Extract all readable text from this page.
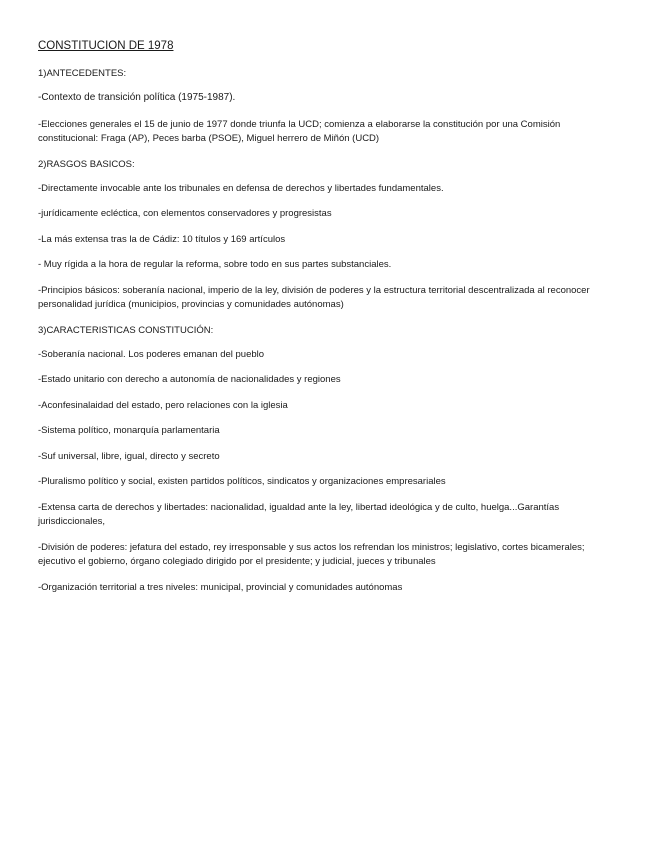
CONSTITUCION DE 1978

1)ANTECEDENTES:

-Contexto de transición política (1975-1987).

-Elecciones generales el 15 de junio de 1977 donde triunfa la UCD; comienza a elaborarse la constitución por una Comisión constitucional: Fraga (AP), Peces barba (PSOE), Miguel herrero de Miñón (UCD)

2)RASGOS BASICOS:

-Directamente invocable ante los tribunales en defensa de derechos y libertades fundamentales.

-jurídicamente ecléctica, con elementos conservadores y progresistas

-La más extensa tras la de Cádiz: 10 títulos y 169 artículos

- Muy rígida a la hora de regular la reforma, sobre todo en sus partes substanciales.

-Principios básicos: soberanía nacional, imperio de la ley, división de poderes y la estructura territorial descentralizada al reconocer personalidad jurídica (municipios, provincias y comunidades autónomas)

3)CARACTERISTICAS CONSTITUCIÓN:

-Soberanía nacional. Los poderes emanan del pueblo

-Estado unitario con derecho a autonomía de nacionalidades y regiones

-Aconfesinalaidad del estado, pero relaciones con la iglesia

-Sistema político, monarquía parlamentaria

-Suf universal, libre, igual, directo y secreto

-Pluralismo político y social, existen partidos políticos, sindicatos y organizaciones empresariales

-Extensa carta de derechos y libertades: nacionalidad, igualdad ante la ley, libertad ideológica y de culto, huelga...Garantías jurisdiccionales,

-División de poderes: jefatura del estado, rey irresponsable y sus actos los refrendan los ministros; legislativo, cortes bicamerales; ejecutivo el gobierno, órgano colegiado dirigido por el presidente; y judicial, jueces y tribunales

-Organización territorial a tres niveles: municipal, provincial y comunidades autónomas
